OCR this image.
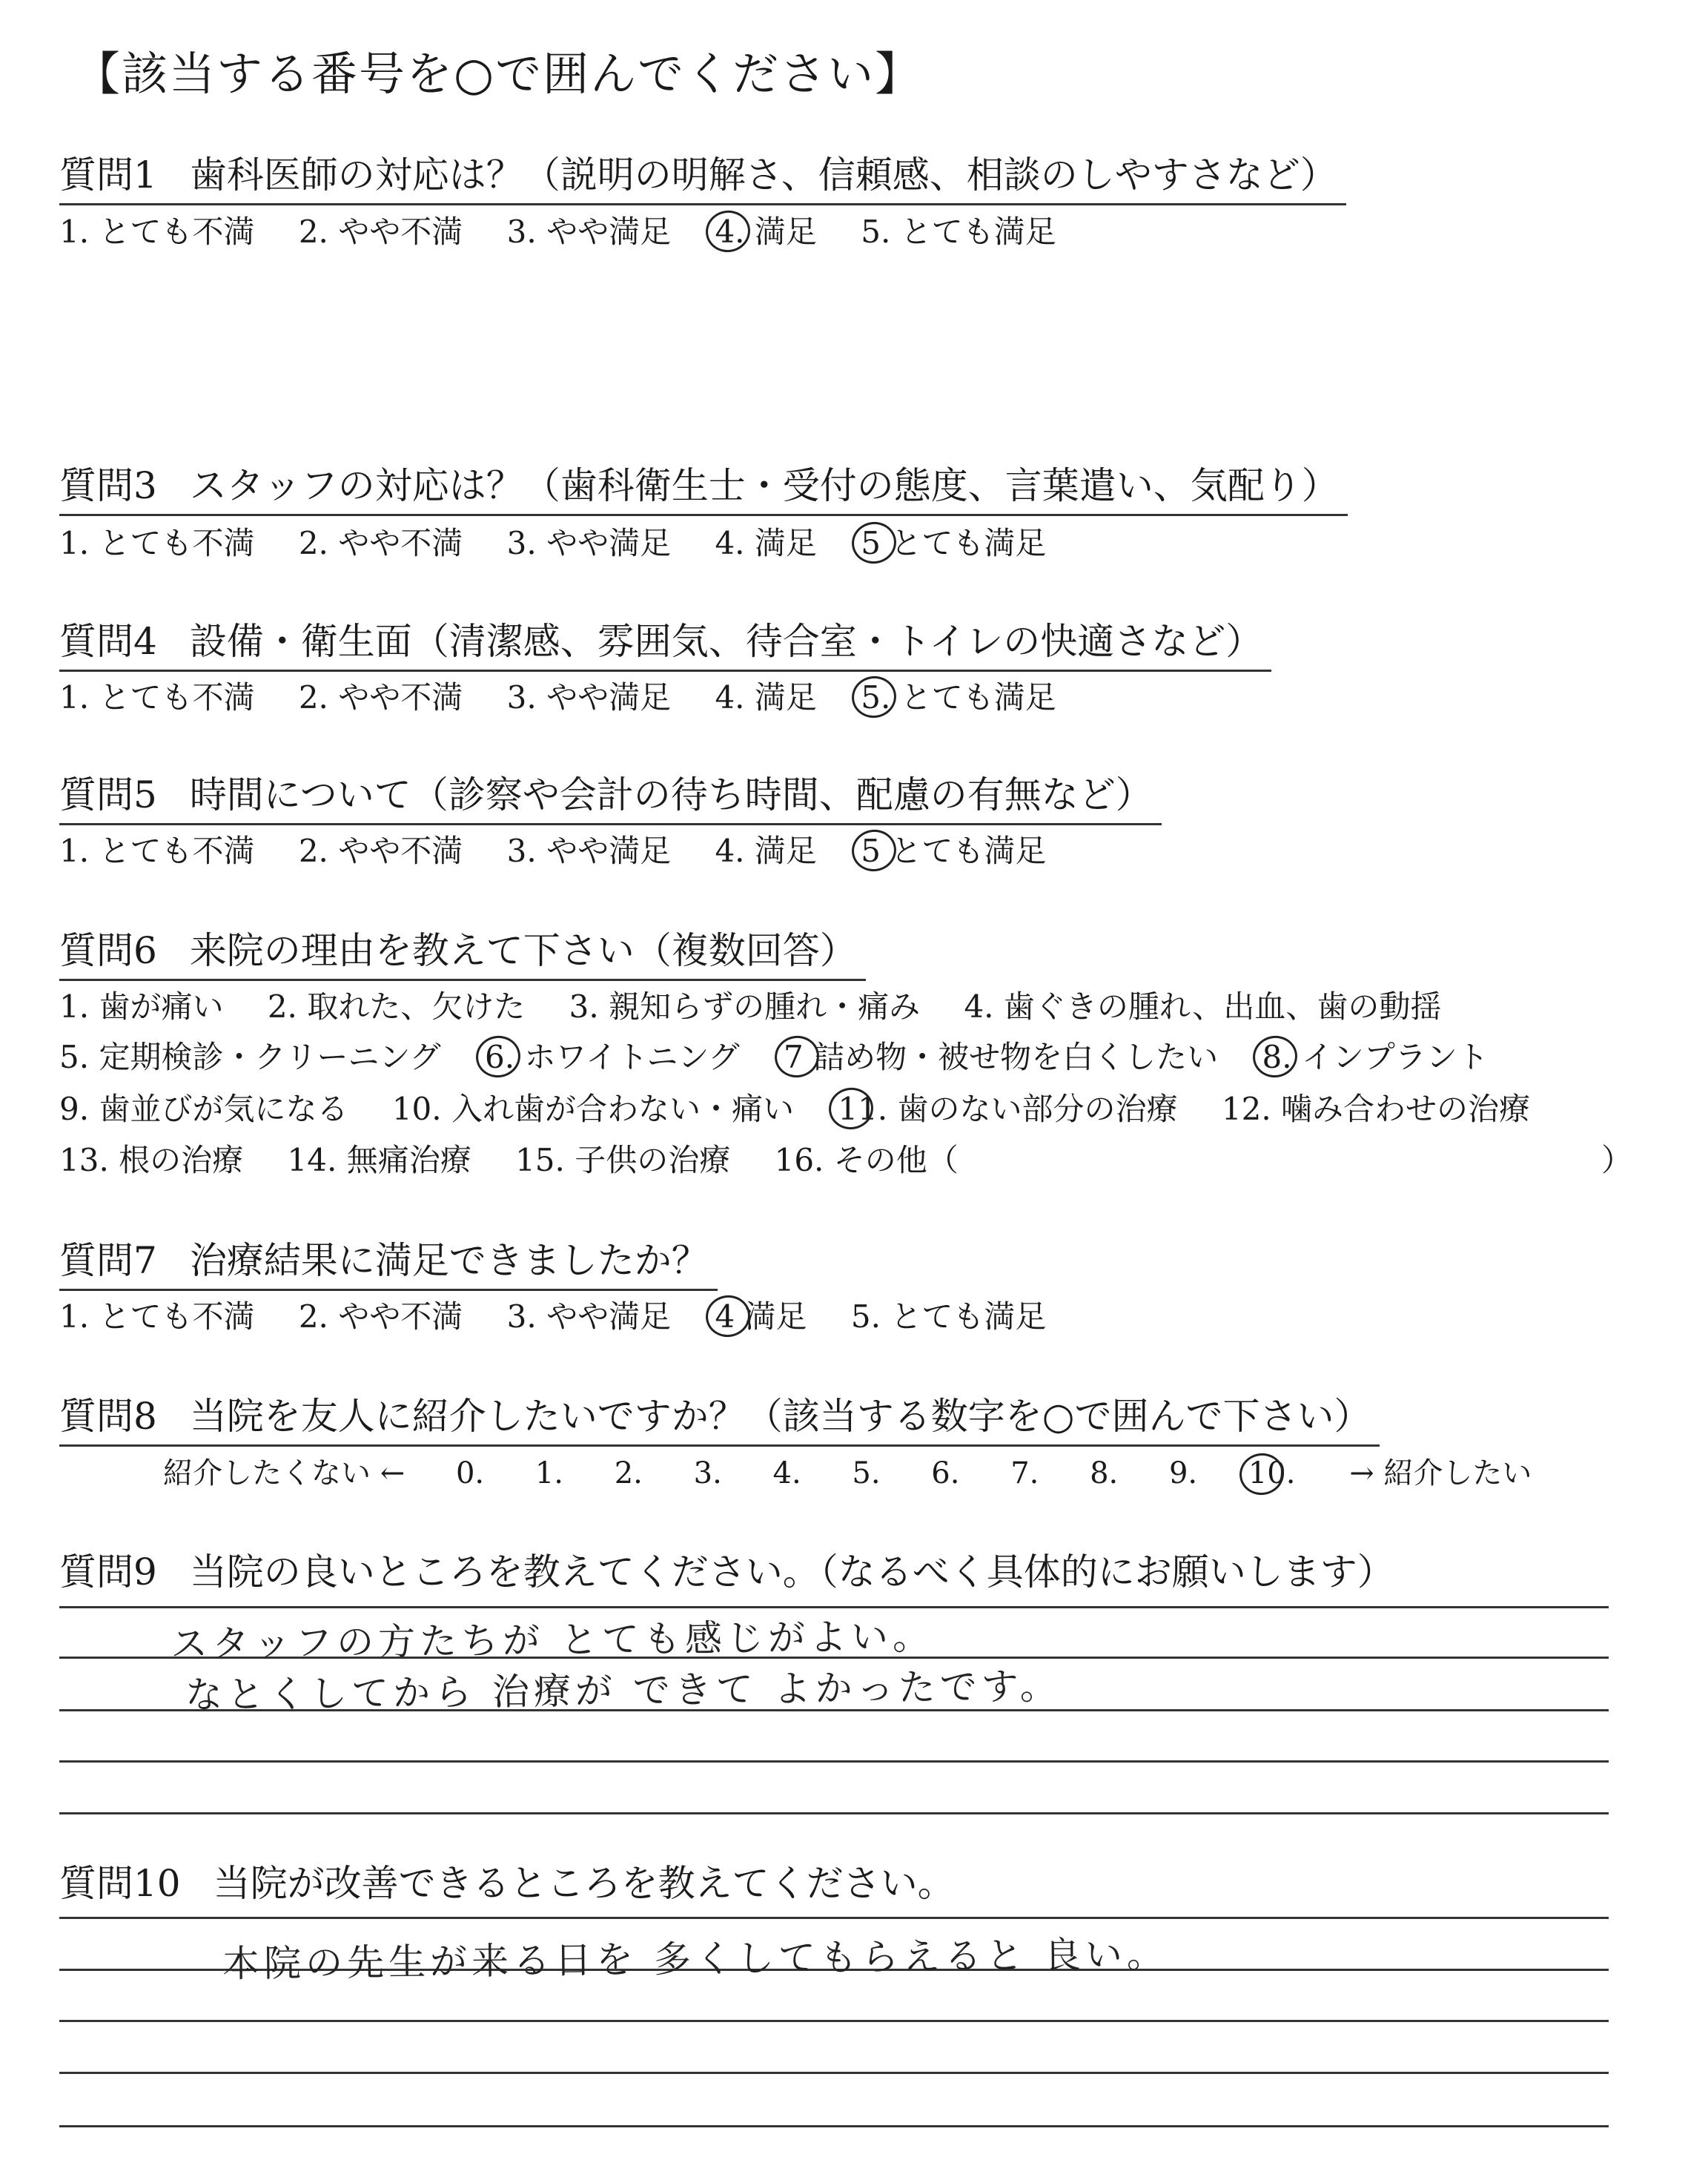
【該当する番号を○で囲んでください】
質問1 歯科医師の対応は？（説明の明解さ、信頼感、相談のしやすさなど）
1. とても不満 2. やや不満 3. やや満足 4. 満足 5. とても満足
質問3 スタッフの対応は？（歯科衛生士・受付の態度、言葉遣い、気配り）
1. とても不満 2. やや不満 3. やや満足 4. 満足 5 とても満足
質問4 設備・衛生面（清潔感、雰囲気、待合室・トイレの快適さなど）
1. とても不満 2. やや不満 3. やや満足 4. 満足 5. とても満足
質問5 時間について（診察や会計の待ち時間、配慮の有無など）
1. とても不満 2. やや不満 3. やや満足 4. 満足 5 とても満足
質問6 来院の理由を教えて下さい（複数回答）
1. 歯が痛い 2. 取れた、欠けた 3. 親知らずの腫れ・痛み 4. 歯ぐきの腫れ、出血、歯の動揺
5. 定期検診・クリーニング 6. ホワイトニング 7 詰め物・被せ物を白くしたい 8. インプラント
9. 歯並びが気になる 10. 入れ歯が合わない・痛い 11. 歯のない部分の治療 12. 噛み合わせの治療
13. 根の治療 14. 無痛治療 15. 子供の治療 16. その他（	）
質問7 治療結果に満足できましたか？
1. とても不満 2. やや不満 3. やや満足 4 満足 5. とても満足
質問8 当院を友人に紹介したいですか？（該当する数字を○で囲んで下さい）
紹介したくない ← 0. 1. 2. 3. 4. 5. 6. 7. 8. 9. 10. → 紹介したい
質問9 当院の良いところを教えてください。（なるべく具体的にお願いします）
スタッフの方たちが とても感じがよい。
なとくしてから 治療が できて よかったです。
質問10 当院が改善できるところを教えてください。
本院の先生が来る日を 多くしてもらえると 良い。
